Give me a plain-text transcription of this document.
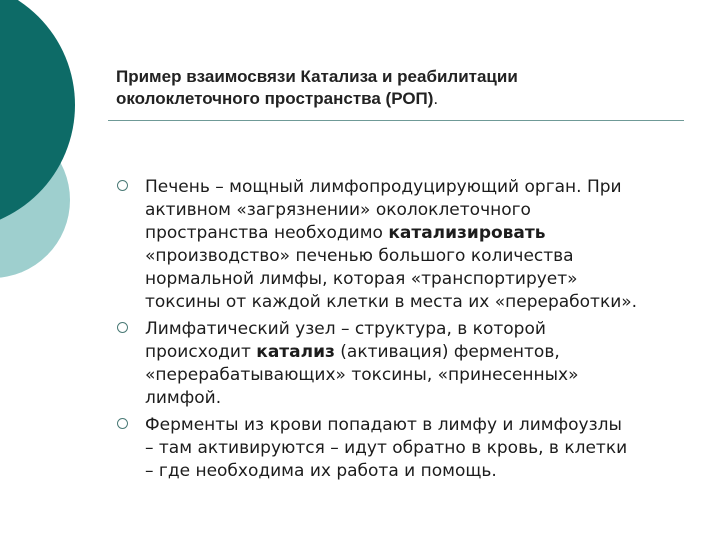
Пример взаимосвязи Катализа и реабилитации
околоклеточного пространства (РОП).
Печень – мощный лимфопродуцирующий орган. При
активном «загрязнении» околоклеточного
пространства необходимо катализировать
«производство» печенью большого количества
нормальной лимфы, которая «транспортирует»
токсины от каждой клетки в места их «переработки».
Лимфатический узел – структура, в которой
происходит катализ (активация) ферментов,
«перерабатывающих» токсины, «принесенных»
лимфой.
Ферменты из крови попадают в лимфу и лимфоузлы
– там активируются – идут обратно в кровь, в клетки
– где необходима их работа и помощь.
